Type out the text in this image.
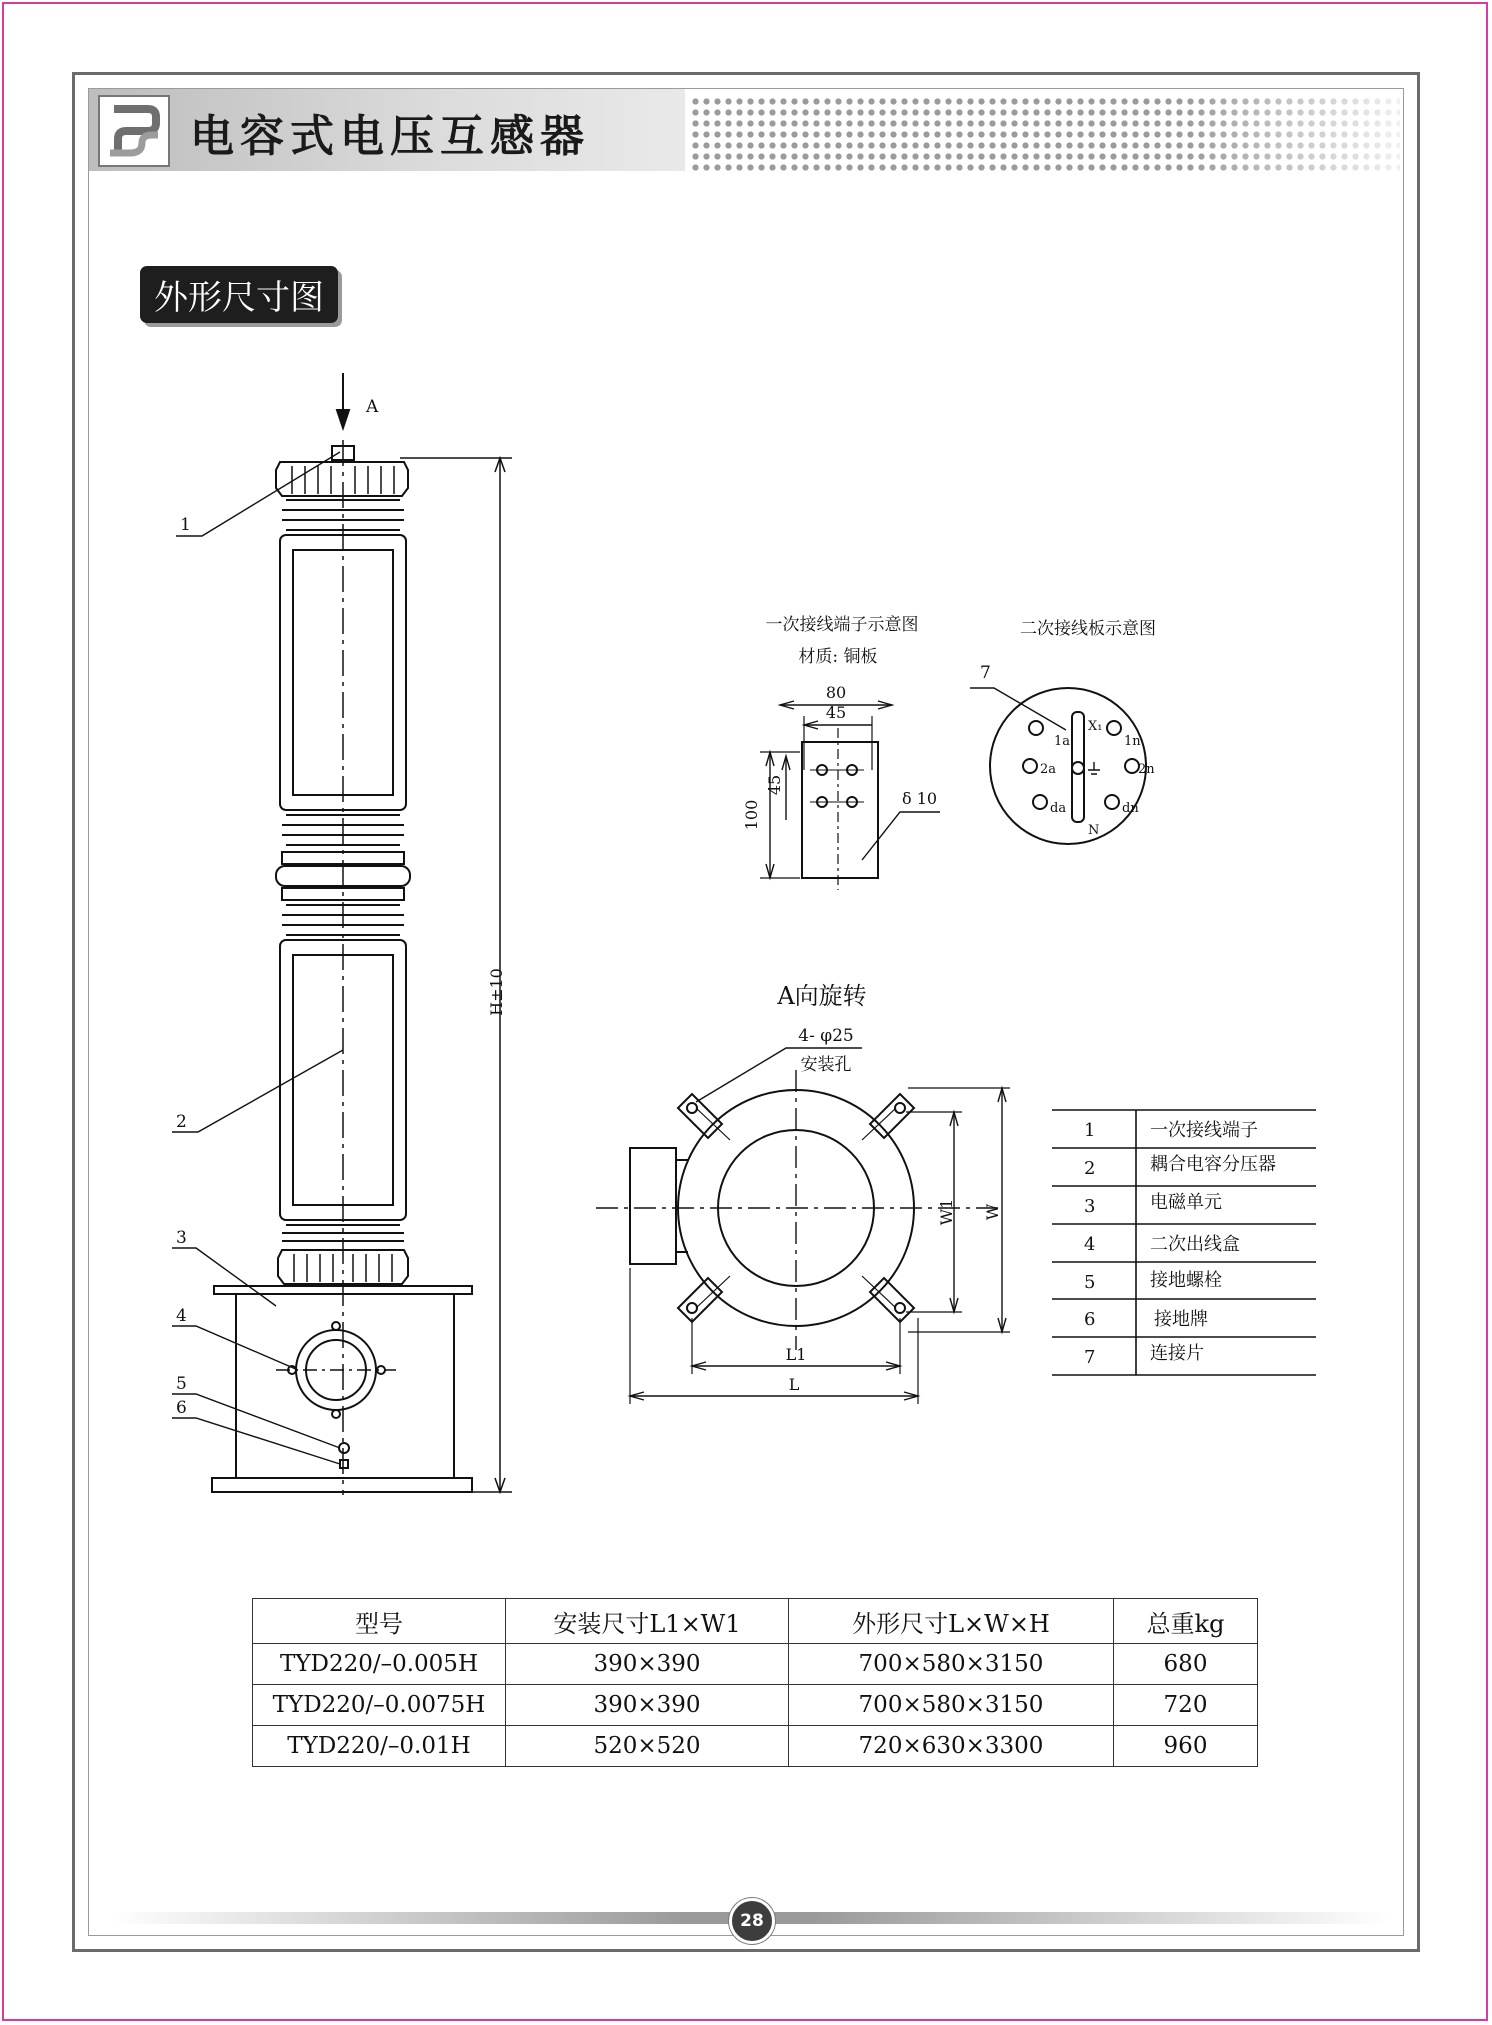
电容式电压互感器
外形尺寸图
A
H±10
1
2
3
4
5
6
一次接线端子示意图
材质: 铜板
80
45
100
45
δ 10
二次接线板示意图
7
X₁
1a	1n
2a	2n
da	dn
N
A向旋转
4- φ25
安装孔
W1 W
L1
L
1	一次接线端子
2	耦合电容分压器
3	电磁单元
4	二次出线盒
5	接地螺栓
6	接地牌
7	连接片
型号	安装尺寸L1×W1	外形尺寸L×W×H	总重kg
TYD220/–0.005H	390×390	700×580×3150	680
TYD220/–0.0075H	390×390	700×580×3150	720
TYD220/–0.01H	520×520	720×630×3300	960
28
